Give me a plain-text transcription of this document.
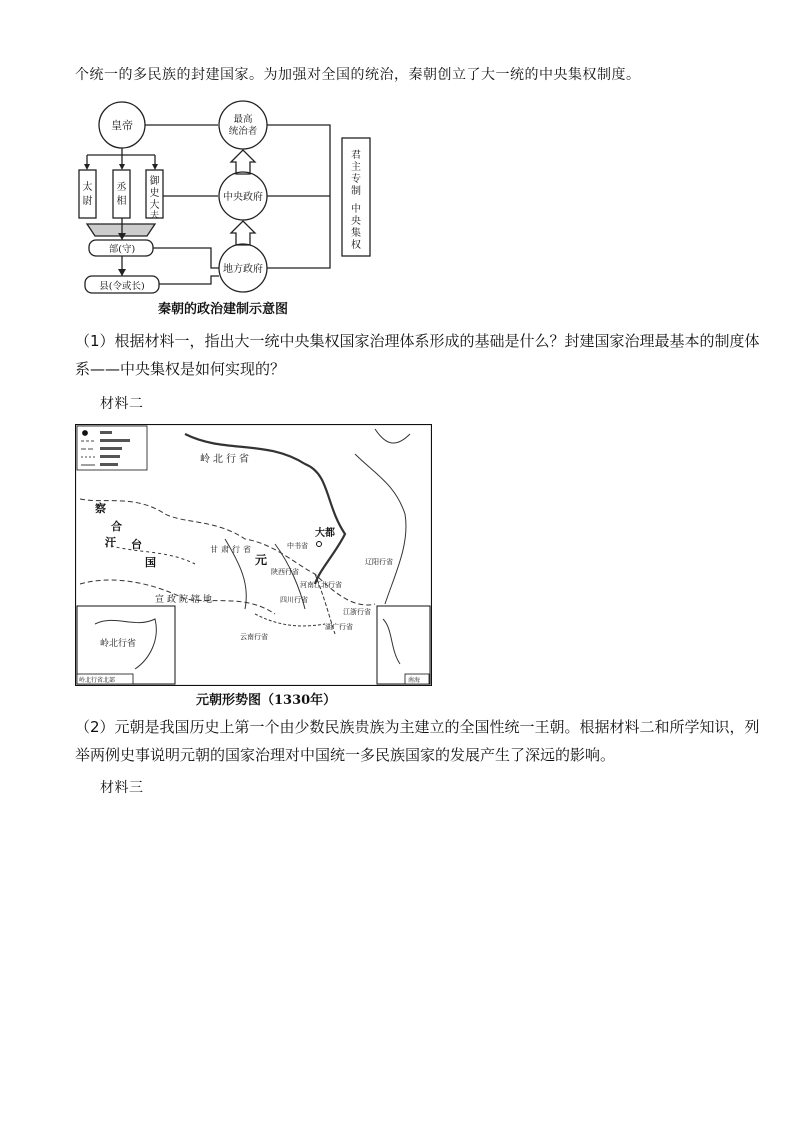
个统一的多民族的封建国家。为加强对全国的统治，秦朝创立了大一统的中央集权制度。
皇帝	最高
统治者
中央政府
地方政府
部(守)
县(令或长)
太
尉
丞
相
御
史
大
夫
君
主
专
制
中
央
集
权
秦朝的政治建制示意图
（1）根据材料一，指出大一统中央集权国家治理体系形成的基础是什么？封建国家治理最基本的制度体
系——中央集权是如何实现的？
材料二
岭北行省
甘肃行省
宣政院辖地
察
合
台
汗
国	元
大都
中书省
辽阳行省
陕西行省
四川行省
河南江北行省
湖广行省
江浙行省
云南行省
岭北行省
岭北行省北部	南海
元朝形势图（1330年）
（2）元朝是我国历史上第一个由少数民族贵族为主建立的全国性统一王朝。根据材料二和所学知识，列
举两例史事说明元朝的国家治理对中国统一多民族国家的发展产生了深远的影响。
材料三
